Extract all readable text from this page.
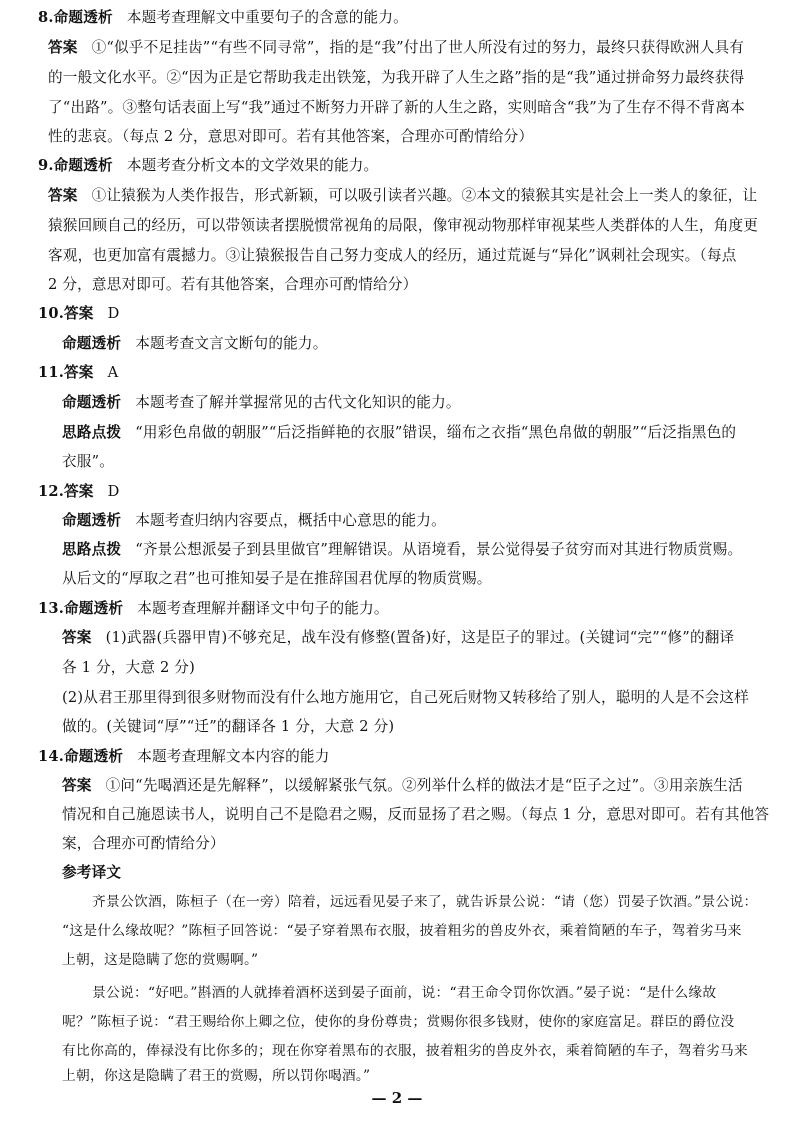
8.命题透析 本题考查理解文中重要句子的含意的能力。
答案 ①“似乎不足挂齿”“有些不同寻常”，指的是“我”付出了世人所没有过的努力，最终只获得欧洲人具有
的一般文化水平。②“因为正是它帮助我走出铁笼，为我开辟了人生之路”指的是“我”通过拼命努力最终获得
了“出路”。③整句话表面上写“我”通过不断努力开辟了新的人生之路，实则暗含“我”为了生存不得不背离本
性的悲哀。（每点 2 分，意思对即可。若有其他答案，合理亦可酌情给分）
9.命题透析 本题考查分析文本的文学效果的能力。
答案 ①让猿猴为人类作报告，形式新颖，可以吸引读者兴趣。②本文的猿猴其实是社会上一类人的象征，让
猿猴回顾自己的经历，可以带领读者摆脱惯常视角的局限，像审视动物那样审视某些人类群体的人生，角度更
客观，也更加富有震撼力。③让猿猴报告自己努力变成人的经历，通过荒诞与“异化”讽刺社会现实。（每点
2 分，意思对即可。若有其他答案，合理亦可酌情给分）
10.答案 D
命题透析 本题考查文言文断句的能力。
11.答案 A
命题透析 本题考查了解并掌握常见的古代文化知识的能力。
思路点拨 “用彩色帛做的朝服”“后泛指鲜艳的衣服”错误，缁布之衣指“黑色帛做的朝服”“后泛指黑色的
衣服”。
12.答案 D
命题透析 本题考查归纳内容要点，概括中心意思的能力。
思路点拨 “齐景公想派晏子到县里做官”理解错误。从语境看，景公觉得晏子贫穷而对其进行物质赏赐。
从后文的“厚取之君”也可推知晏子是在推辞国君优厚的物质赏赐。
13.命题透析 本题考查理解并翻译文中句子的能力。
答案 (1)武器(兵器甲胄)不够充足，战车没有修整(置备)好，这是臣子的罪过。(关键词“完”“修”的翻译
各 1 分，大意 2 分)
(2)从君王那里得到很多财物而没有什么地方施用它，自己死后财物又转移给了别人，聪明的人是不会这样
做的。(关键词“厚”“迁”的翻译各 1 分，大意 2 分)
14.命题透析 本题考查理解文本内容的能力
答案 ①问“先喝酒还是先解释”，以缓解紧张气氛。②列举什么样的做法才是“臣子之过”。③用亲族生活
情况和自己施恩读书人，说明自己不是隐君之赐，反而显扬了君之赐。（每点 1 分，意思对即可。若有其他答
案，合理亦可酌情给分）
参考译文
齐景公饮酒，陈桓子（在一旁）陪着，远远看见晏子来了，就告诉景公说：“请（您）罚晏子饮酒。”景公说：
“这是什么缘故呢？”陈桓子回答说：“晏子穿着黑布衣服，披着粗劣的兽皮外衣，乘着简陋的车子，驾着劣马来
上朝，这是隐瞒了您的赏赐啊。”
景公说：“好吧。”斟酒的人就捧着酒杯送到晏子面前，说：“君王命令罚你饮酒。”晏子说：“是什么缘故
呢？”陈桓子说：“君王赐给你上卿之位，使你的身份尊贵；赏赐你很多钱财，使你的家庭富足。群臣的爵位没
有比你高的，俸禄没有比你多的；现在你穿着黑布的衣服，披着粗劣的兽皮外衣，乘着简陋的车子，驾着劣马来
上朝，你这是隐瞒了君王的赏赐，所以罚你喝酒。”
— 2 —
